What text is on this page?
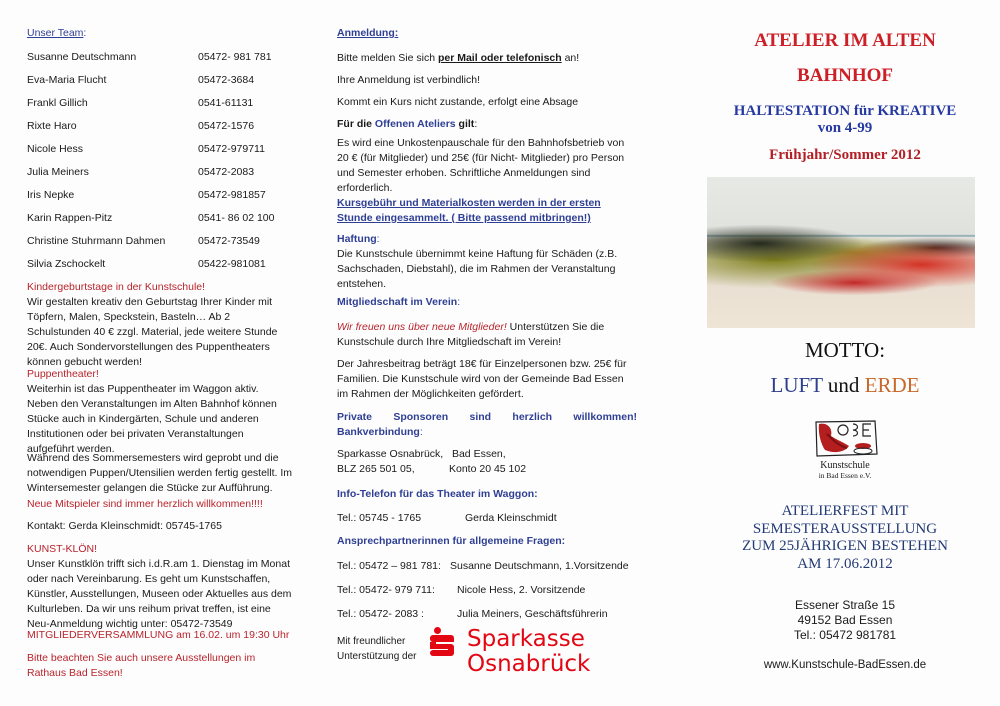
Unser Team:
Susanne Deutschmann	05472- 981 781
Eva-Maria Flucht	05472-3684
Frankl Gillich	0541-61131
Rixte Haro	05472-1576
Nicole Hess	05472-979711
Julia Meiners	05472-2083
Iris Nepke	05472-981857
Karin Rappen-Pitz	0541- 86 02 100
Christine Stuhrmann Dahmen	05472-73549
Silvia Zschockelt	05422-981081
Kindergeburtstage in der Kunstschule!
Wir gestalten kreativ den Geburtstag Ihrer Kinder mit
Töpfern, Malen, Speckstein, Basteln… Ab 2
Schulstunden 40 € zzgl. Material, jede weitere Stunde
20€. Auch Sondervorstellungen des Puppentheaters
können gebucht werden!
Puppentheater!
Weiterhin ist das Puppentheater im Waggon aktiv.
Neben den Veranstaltungen im Alten Bahnhof können
Stücke auch in Kindergärten, Schule und anderen
Institutionen oder bei privaten Veranstaltungen
aufgeführt werden.
Während des Sommersemesters wird geprobt und die
notwendigen Puppen/Utensilien werden fertig gestellt. Im
Wintersemester gelangen die Stücke zur Aufführung.
Neue Mitspieler sind immer herzlich willkommen!!!!
Kontakt: Gerda Kleinschmidt: 05745-1765
KUNST-KLÖN!
Unser Kunstklön trifft sich i.d.R.am 1. Dienstag im Monat
oder nach Vereinbarung. Es geht um Kunstschaffen,
Künstler, Ausstellungen, Museen oder Aktuelles aus dem
Kulturleben. Da wir uns reihum privat treffen, ist eine
Neu-Anmeldung wichtig unter: 05472-73549
MITGLIEDERVERSAMMLUNG am 16.02. um 19:30 Uhr
Bitte beachten Sie auch unsere Ausstellungen im
Rathaus Bad Essen!
Anmeldung:
Bitte melden Sie sich per Mail oder telefonisch an!
Ihre Anmeldung ist verbindlich!
Kommt ein Kurs nicht zustande, erfolgt eine Absage
Für die Offenen Ateliers gilt:
Es wird eine Unkostenpauschale für den Bahnhofsbetrieb von
20 € (für Mitglieder) und 25€ (für Nicht- Mitglieder) pro Person
und Semester erhoben. Schriftliche Anmeldungen sind
erforderlich.
Kursgebühr und Materialkosten werden in der ersten
Stunde eingesammelt. ( Bitte passend mitbringen!)
Haftung:
Die Kunstschule übernimmt keine Haftung für Schäden (z.B.
Sachschaden, Diebstahl), die im Rahmen der Veranstaltung
entstehen.
Mitgliedschaft im Verein:
Wir freuen uns über neue Mitglieder! Unterstützen Sie die
Kunstschule durch Ihre Mitgliedschaft im Verein!
Der Jahresbeitrag beträgt 18€ für Einzelpersonen bzw. 25€ für
Familien. Die Kunstschule wird von der Gemeinde Bad Essen
im Rahmen der Möglichkeiten gefördert.
Private Sponsoren sind herzlich willkommen!
Bankverbindung:
Sparkasse Osnabrück,   Bad Essen,
BLZ 265 501 05,	Konto 20 45 102
Info-Telefon für das Theater im Waggon:
Tel.: 05745 - 1765	Gerda Kleinschmidt
Ansprechpartnerinnen für allgemeine Fragen:
Tel.: 05472 – 981 781: Susanne Deutschmann, 1.Vorsitzende
Tel.: 05472- 979 711: Nicole Hess, 2. Vorsitzende
Tel.: 05472- 2083 :	Julia Meiners, Geschäftsführerin
Mit freundlicher
Unterstützung der
Sparkasse
Osnabrück
ATELIER IM ALTEN
BAHNHOF
HALTESTATION für KREATIVE
von 4-99
Frühjahr/Sommer 2012
MOTTO:
LUFT und ERDE
Kunstschule
in Bad Essen e.V.
ATELIERFEST MIT
SEMESTERAUSSTELLUNG
ZUM 25JÄHRIGEN BESTEHEN
AM 17.06.2012
Essener Straße 15
49152 Bad Essen
Tel.: 05472 981781
www.Kunstschule-BadEssen.de
